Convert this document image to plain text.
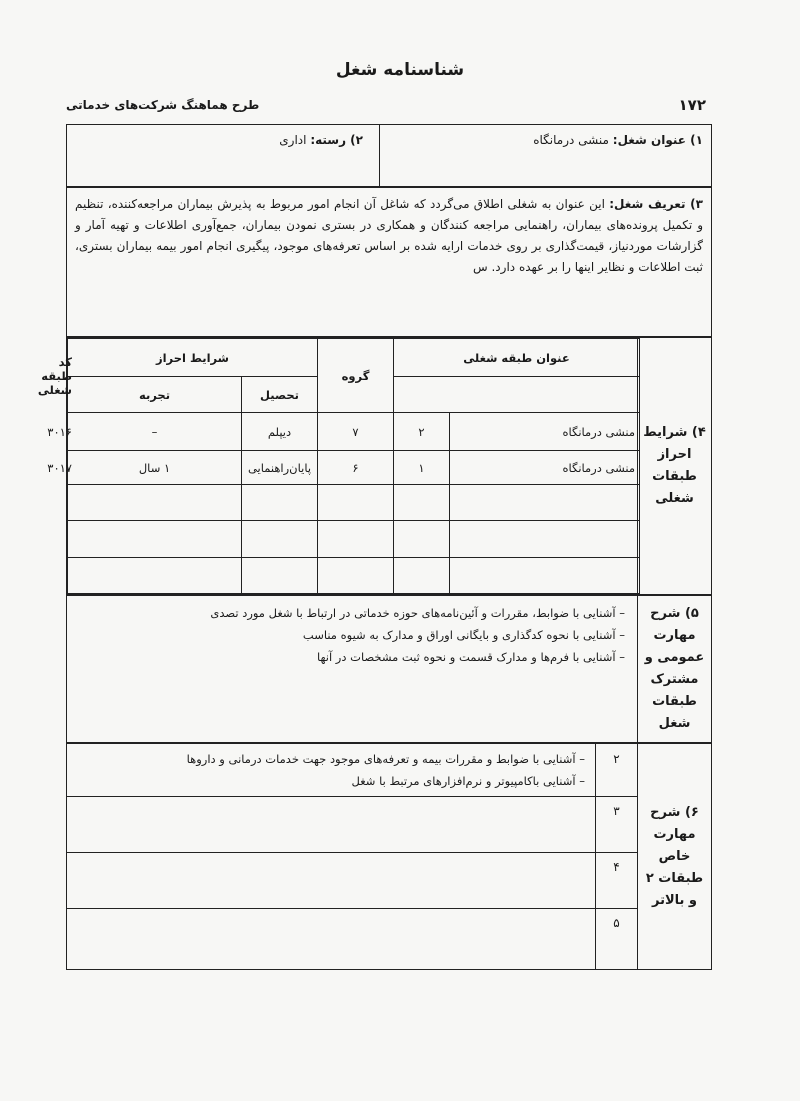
شناسنامه شغل
۱۷۲
طرح هماهنگ شرکت‌های خدماتی
۱) عنوان شغل: منشی درمانگاه
۲) رسته: اداری
۳) تعریف شغل: این عنوان به شغلی اطلاق می‌گردد که شاغل آن انجام امور مربوط به پذیرش بیماران مراجعه‌کننده، تنظیم و تکمیل پرونده‌های بیماران، راهنمایی مراجعه کنندگان و همکاری در بستری نمودن بیماران، جمع‌آوری اطلاعات و تهیه آمار و گزارشات موردنیاز، قیمت‌گذاری بر روی خدمات ارایه شده بر اساس تعرفه‌های موجود، پیگیری انجام امور بیمه بیماران بستری، ثبت اطلاعات و نظایر اینها را بر عهده دارد. س
۴) شرایط احراز طبقات شغلی
عنوان طبقه شغلی		گروه	شرایط احراز		کد طبقه شغلی
			تحصیل	تجربه	
منشی درمانگاه	۲	۷	دیپلم	–	۳۰۱۶
منشی درمانگاه	۱	۶	پایان‌راهنمایی	۱ سال	۳۰۱۷

۵) شرح مهارت عمومی و مشترک طبقات شغل
– آشنایی با ضوابط، مقررات و آئین‌نامه‌های حوزه خدماتی در ارتباط با شغل مورد تصدی
– آشنایی با نحوه کدگذاری و بایگانی اوراق و مدارک به شیوه مناسب
– آشنایی با فرم‌ها و مدارک قسمت و نحوه ثبت مشخصات در آنها
۶) شرح مهارت خاص طبقات ۲ و بالاتر
۲
– آشنایی با ضوابط و مقررات بیمه و تعرفه‌های موجود جهت خدمات درمانی و داروها
– آشنایی باکامپیوتر و نرم‌افزارهای مرتبط با شغل
۳
۴
۵
